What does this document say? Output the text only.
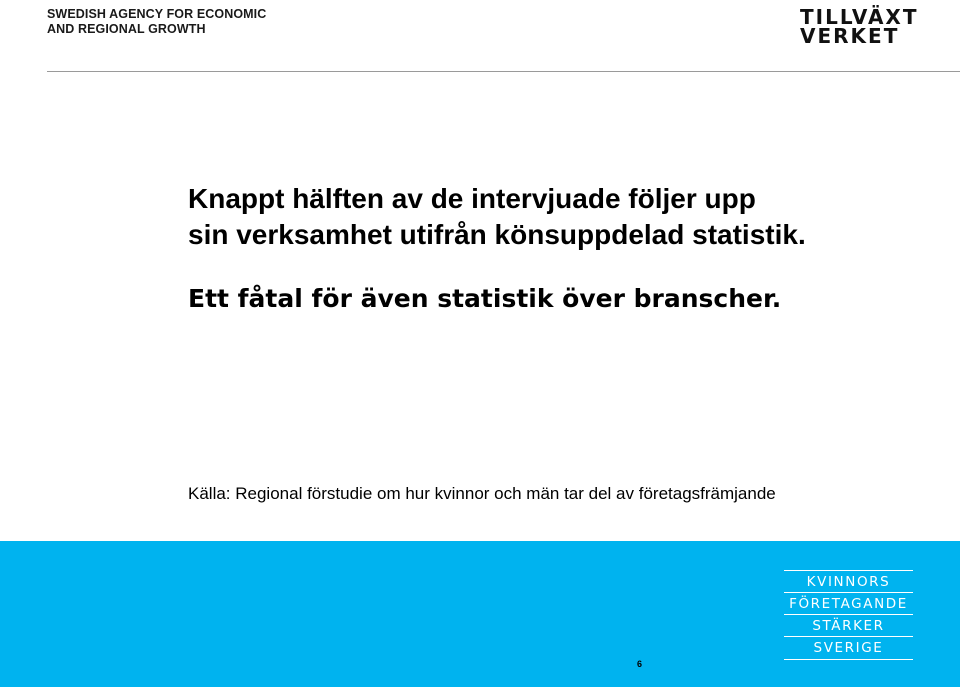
SWEDISH AGENCY FOR ECONOMIC
AND REGIONAL GROWTH	TILLVÄXT
VERKET
Knappt hälften av de intervjuade följer upp
sin verksamhet utifrån könsuppdelad statistik.

Ett fåtal för även statistik över branscher.

Källa: Regional förstudie om hur kvinnor och män tar del av företagsfrämjande

6
KVINNORS
FÖRETAGANDE
STÄRKER
SVERIGE
